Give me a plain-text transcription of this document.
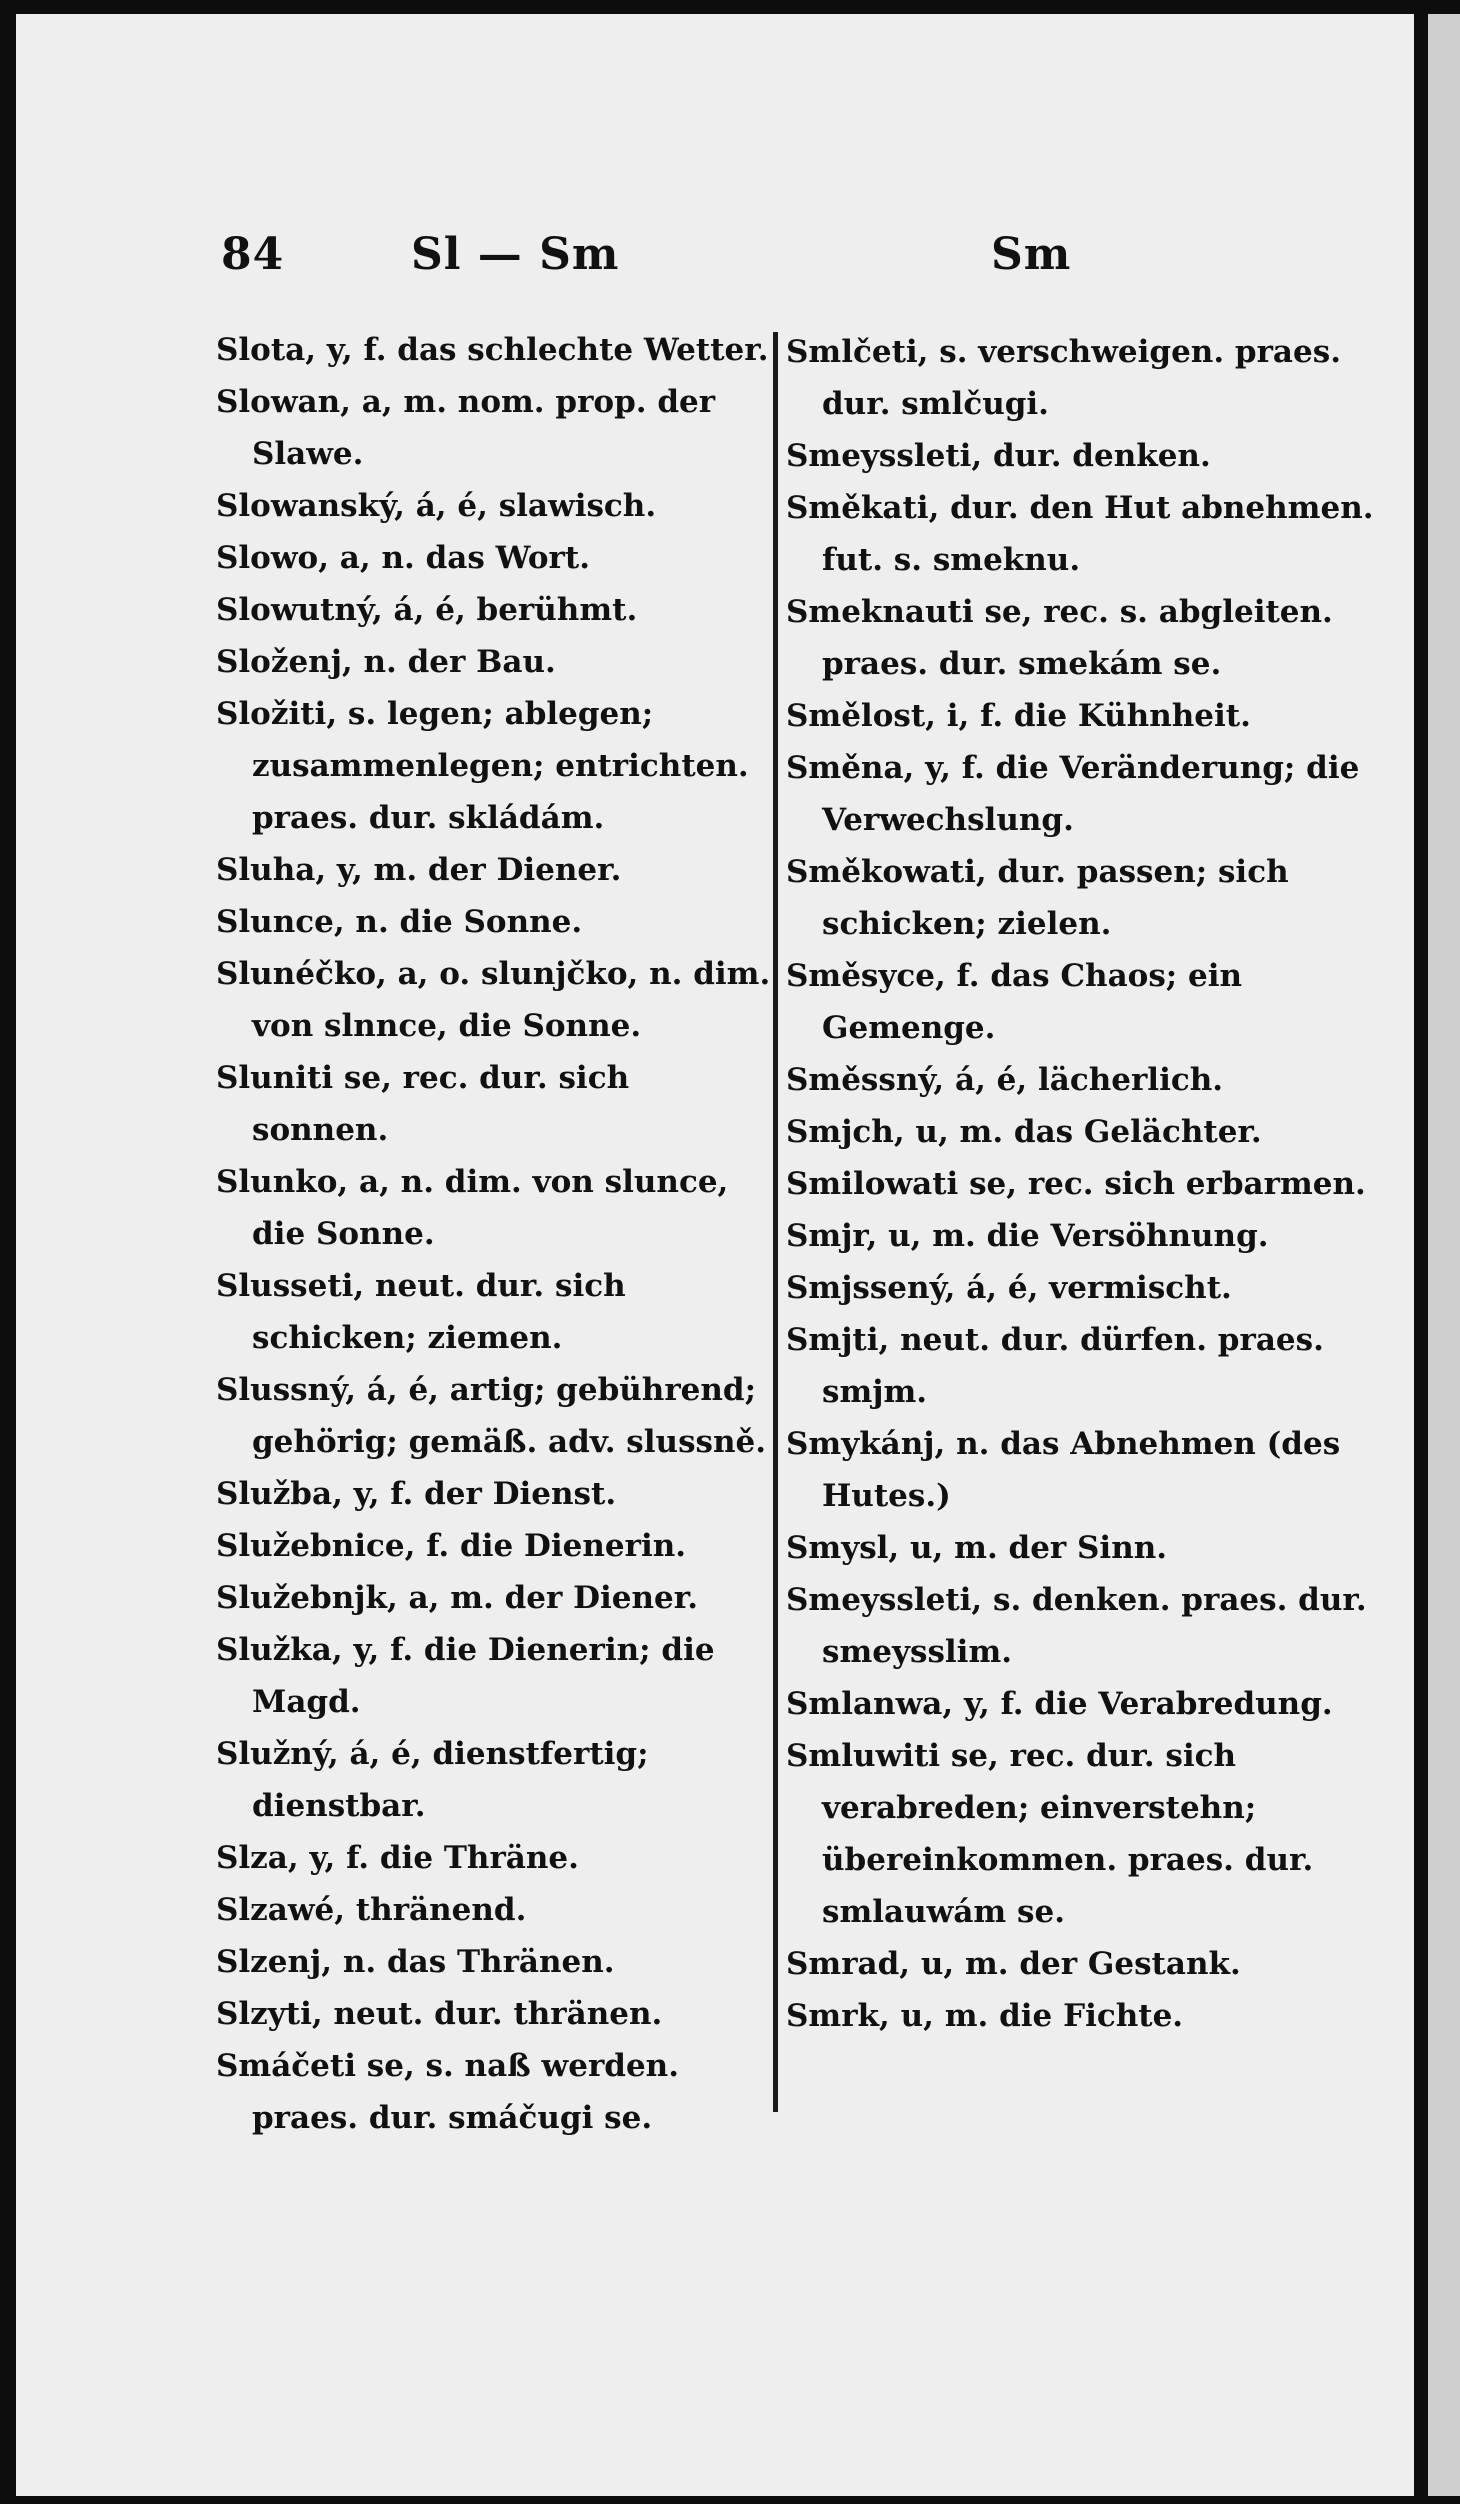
84	Sl — Sm	Sm
Slota, y, f. das schlechte Wetter.
Slowan, a, m. nom. prop. der Slawe.
Slowanský, á, é, slawisch.
Slowo, a, n. das Wort.
Slowutný, á, é, berühmt.
Složenj, n. der Bau.
Složiti, s. legen; ablegen; zusammenlegen; entrichten. praes. dur. skládám.
Sluha, y, m. der Diener.
Slunce, n. die Sonne.
Slunéčko, a, o. slunjčko, n. dim. von slnnce, die Sonne.
Sluniti se, rec. dur. sich sonnen.
Slunko, a, n. dim. von slunce, die Sonne.
Slusseti, neut. dur. sich schicken; ziemen.
Slussný, á, é, artig; gebührend; gehörig; gemäß. adv. slussně.
Služba, y, f. der Dienst.
Služebnice, f. die Dienerin.
Služebnjk, a, m. der Diener.
Služka, y, f. die Dienerin; die Magd.
Služný, á, é, dienstfertig; dienstbar.
Slza, y, f. die Thräne.
Slzawé, thränend.
Slzenj, n. das Thränen.
Slzyti, neut. dur. thränen.
Smáčeti se, s. naß werden. praes. dur. smáčugi se.
Smlčeti, s. verschweigen. praes. dur. smlčugi.
Smeyssleti, dur. denken.
Směkati, dur. den Hut abnehmen. fut. s. smeknu.
Smeknauti se, rec. s. abgleiten. praes. dur. smekám se.
Smělost, i, f. die Kühnheit.
Směna, y, f. die Veränderung; die Verwechslung.
Směkowati, dur. passen; sich schicken; zielen.
Směsyce, f. das Chaos; ein Gemenge.
Směssný, á, é, lächerlich.
Smjch, u, m. das Gelächter.
Smilowati se, rec. sich erbarmen.
Smjr, u, m. die Versöhnung.
Smjssený, á, é, vermischt.
Smjti, neut. dur. dürfen. praes. smjm.
Smykánj, n. das Abnehmen (des Hutes.)
Smysl, u, m. der Sinn.
Smeyssleti, s. denken. praes. dur. smeysslim.
Smlanwa, y, f. die Verabredung.
Smluwiti se, rec. dur. sich verabreden; einverstehn; übereinkommen. praes. dur. smlauwám se.
Smrad, u, m. der Gestank.
Smrk, u, m. die Fichte.
